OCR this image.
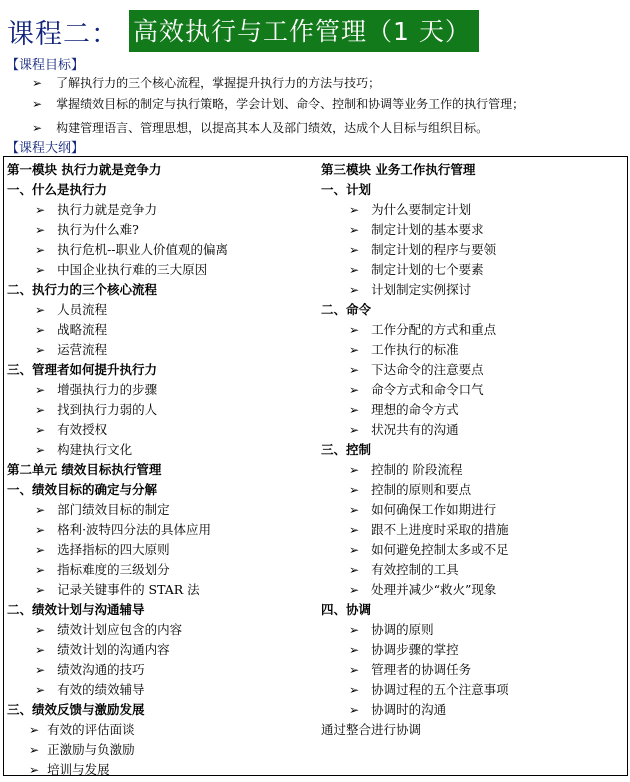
课程二： 高效执行与工作管理（1 天）
【课程目标】
➢ 了解执行力的三个核心流程，掌握提升执行力的方法与技巧；
➢ 掌握绩效目标的制定与执行策略，学会计划、命令、控制和协调等业务工作的执行管理；
➢ 构建管理语言、管理思想，以提高其本人及部门绩效，达成个人目标与组织目标。
【课程大纲】
第一模块 执行力就是竞争力
一、什么是执行力
➢ 执行力就是竞争力
➢ 执行为什么难?
➢ 执行危机--职业人价值观的偏离
➢ 中国企业执行难的三大原因
二、执行力的三个核心流程
➢ 人员流程
➢ 战略流程
➢ 运营流程
三、管理者如何提升执行力
➢ 增强执行力的步骤
➢ 找到执行力弱的人
➢ 有效授权
➢ 构建执行文化
第二单元 绩效目标执行管理
一、绩效目标的确定与分解
➢ 部门绩效目标的制定
➢ 格利·波特四分法的具体应用
➢ 选择指标的四大原则
➢ 指标难度的三级划分
➢ 记录关键事件的 STAR 法
二、绩效计划与沟通辅导
➢ 绩效计划应包含的内容
➢ 绩效计划的沟通内容
➢ 绩效沟通的技巧
➢ 有效的绩效辅导
三、绩效反馈与激励发展
➢ 有效的评估面谈
➢ 正激励与负激励
➢ 培训与发展
第三模块 业务工作执行管理
一、计划
➢ 为什么要制定计划
➢ 制定计划的基本要求
➢ 制定计划的程序与要领
➢ 制定计划的七个要素
➢ 计划制定实例探讨
二、命令
➢ 工作分配的方式和重点
➢ 工作执行的标准
➢ 下达命令的注意要点
➢ 命令方式和命令口气
➢ 理想的命令方式
➢ 状况共有的沟通
三、控制
➢ 控制的 阶段流程
➢ 控制的原则和要点
➢ 如何确保工作如期进行
➢ 跟不上进度时采取的措施
➢ 如何避免控制太多或不足
➢ 有效控制的工具
➢ 处理并减少“救火”现象
四、协调
➢ 协调的原则
➢ 协调步骤的掌控
➢ 管理者的协调任务
➢ 协调过程的五个注意事项
➢ 协调时的沟通
通过整合进行协调
